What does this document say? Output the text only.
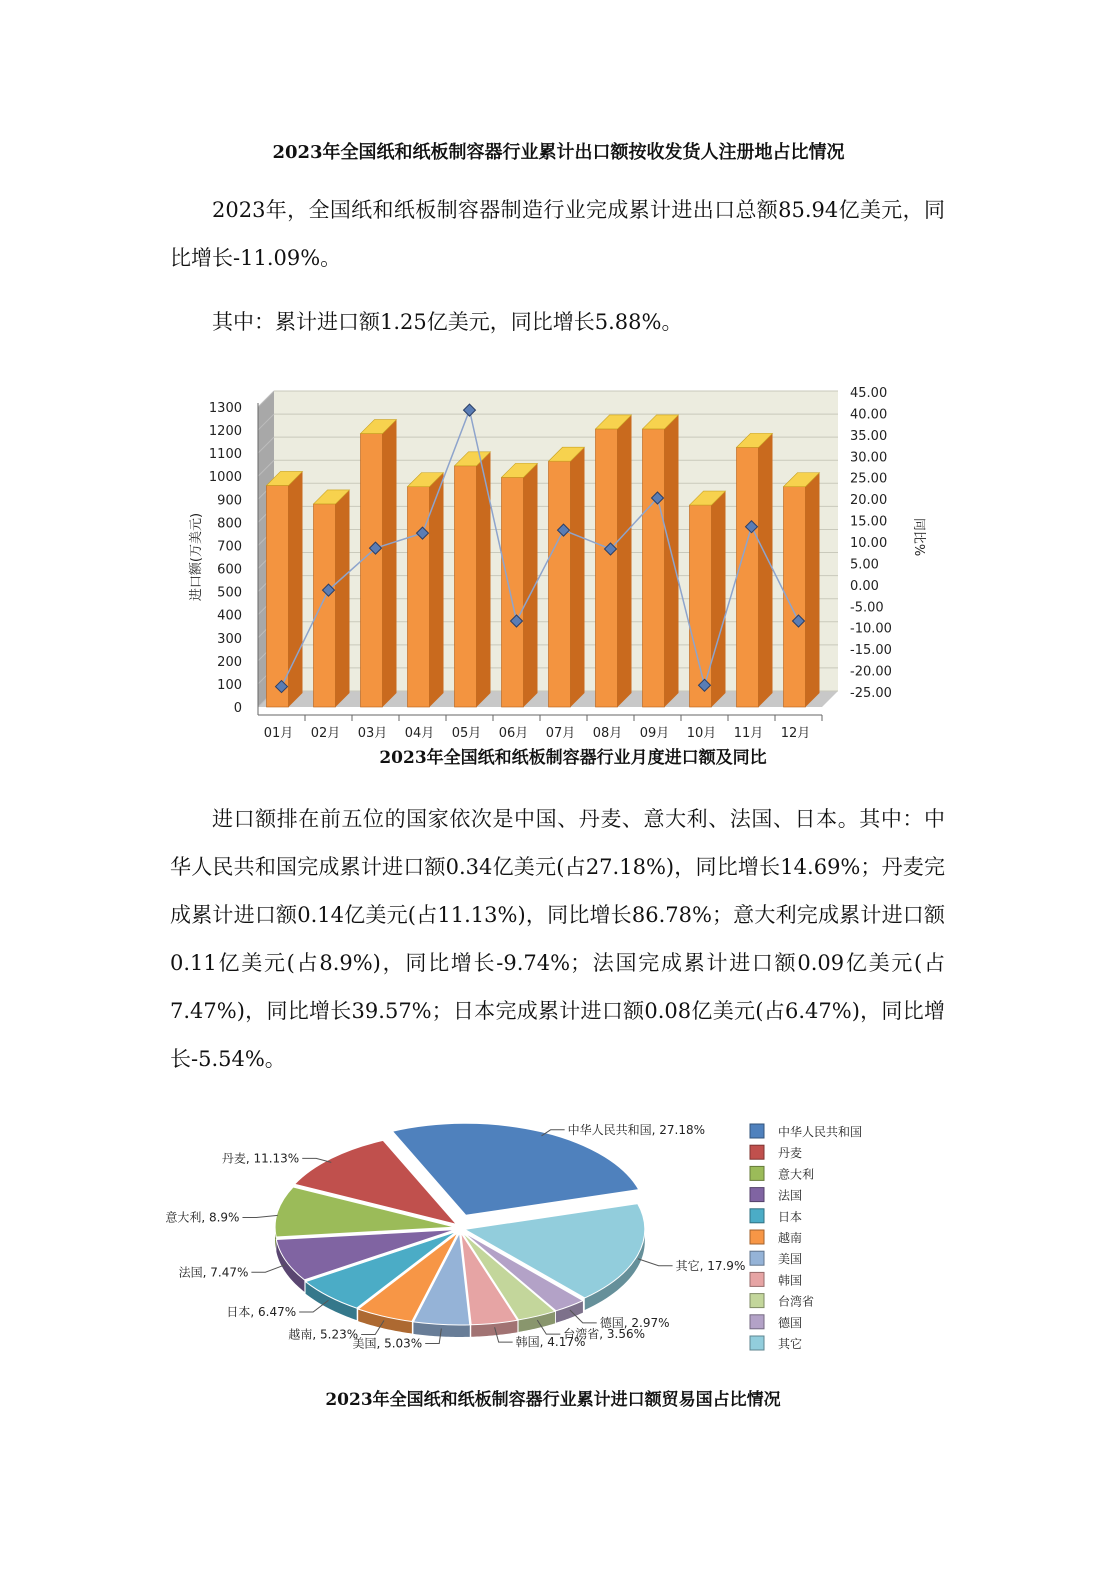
2023年全国纸和纸板制容器行业累计出口额按收发货人注册地占比情况

2023年，全国纸和纸板制容器制造行业完成累计进出口总额85.94亿美元，同比增长-11.09%。

其中：累计进口额1.25亿美元，同比增长5.88%。

0
100
200
300
400
500
600
700
800
900
1000
1100
1200
1300
-25.00
-20.00
-15.00
-10.00
-5.00
0.00
5.00
10.00
15.00
20.00
25.00
30.00
35.00
40.00
45.00
01月 02月 03月 04月 05月 06月 07月 08月 09月 10月 11月 12月
进口额(万美元)	同比%
2023年全国纸和纸板制容器行业月度进口额及同比

进口额排在前五位的国家依次是中国、丹麦、意大利、法国、日本。其中：中华人民共和国完成累计进口额0.34亿美元(占27.18%)，同比增长14.69%；丹麦完成累计进口额0.14亿美元(占11.13%)，同比增长86.78%；意大利完成累计进口额0.11亿美元(占8.9%)，同比增长-9.74%；法国完成累计进口额0.09亿美元(占7.47%)，同比增长39.57%；日本完成累计进口额0.08亿美元(占6.47%)，同比增长-5.54%。

中华人民共和国, 27.18%
其它, 17.9%
德国, 2.97%
台湾省, 3.56%
韩国, 4.17%
美国, 5.03%
越南, 5.23%
日本, 6.47%
法国, 7.47%
意大利, 8.9%
丹麦, 11.13%
中华人民共和国
丹麦
意大利
法国
日本
越南
美国
韩国
台湾省
德国
其它
2023年全国纸和纸板制容器行业累计进口额贸易国占比情况
